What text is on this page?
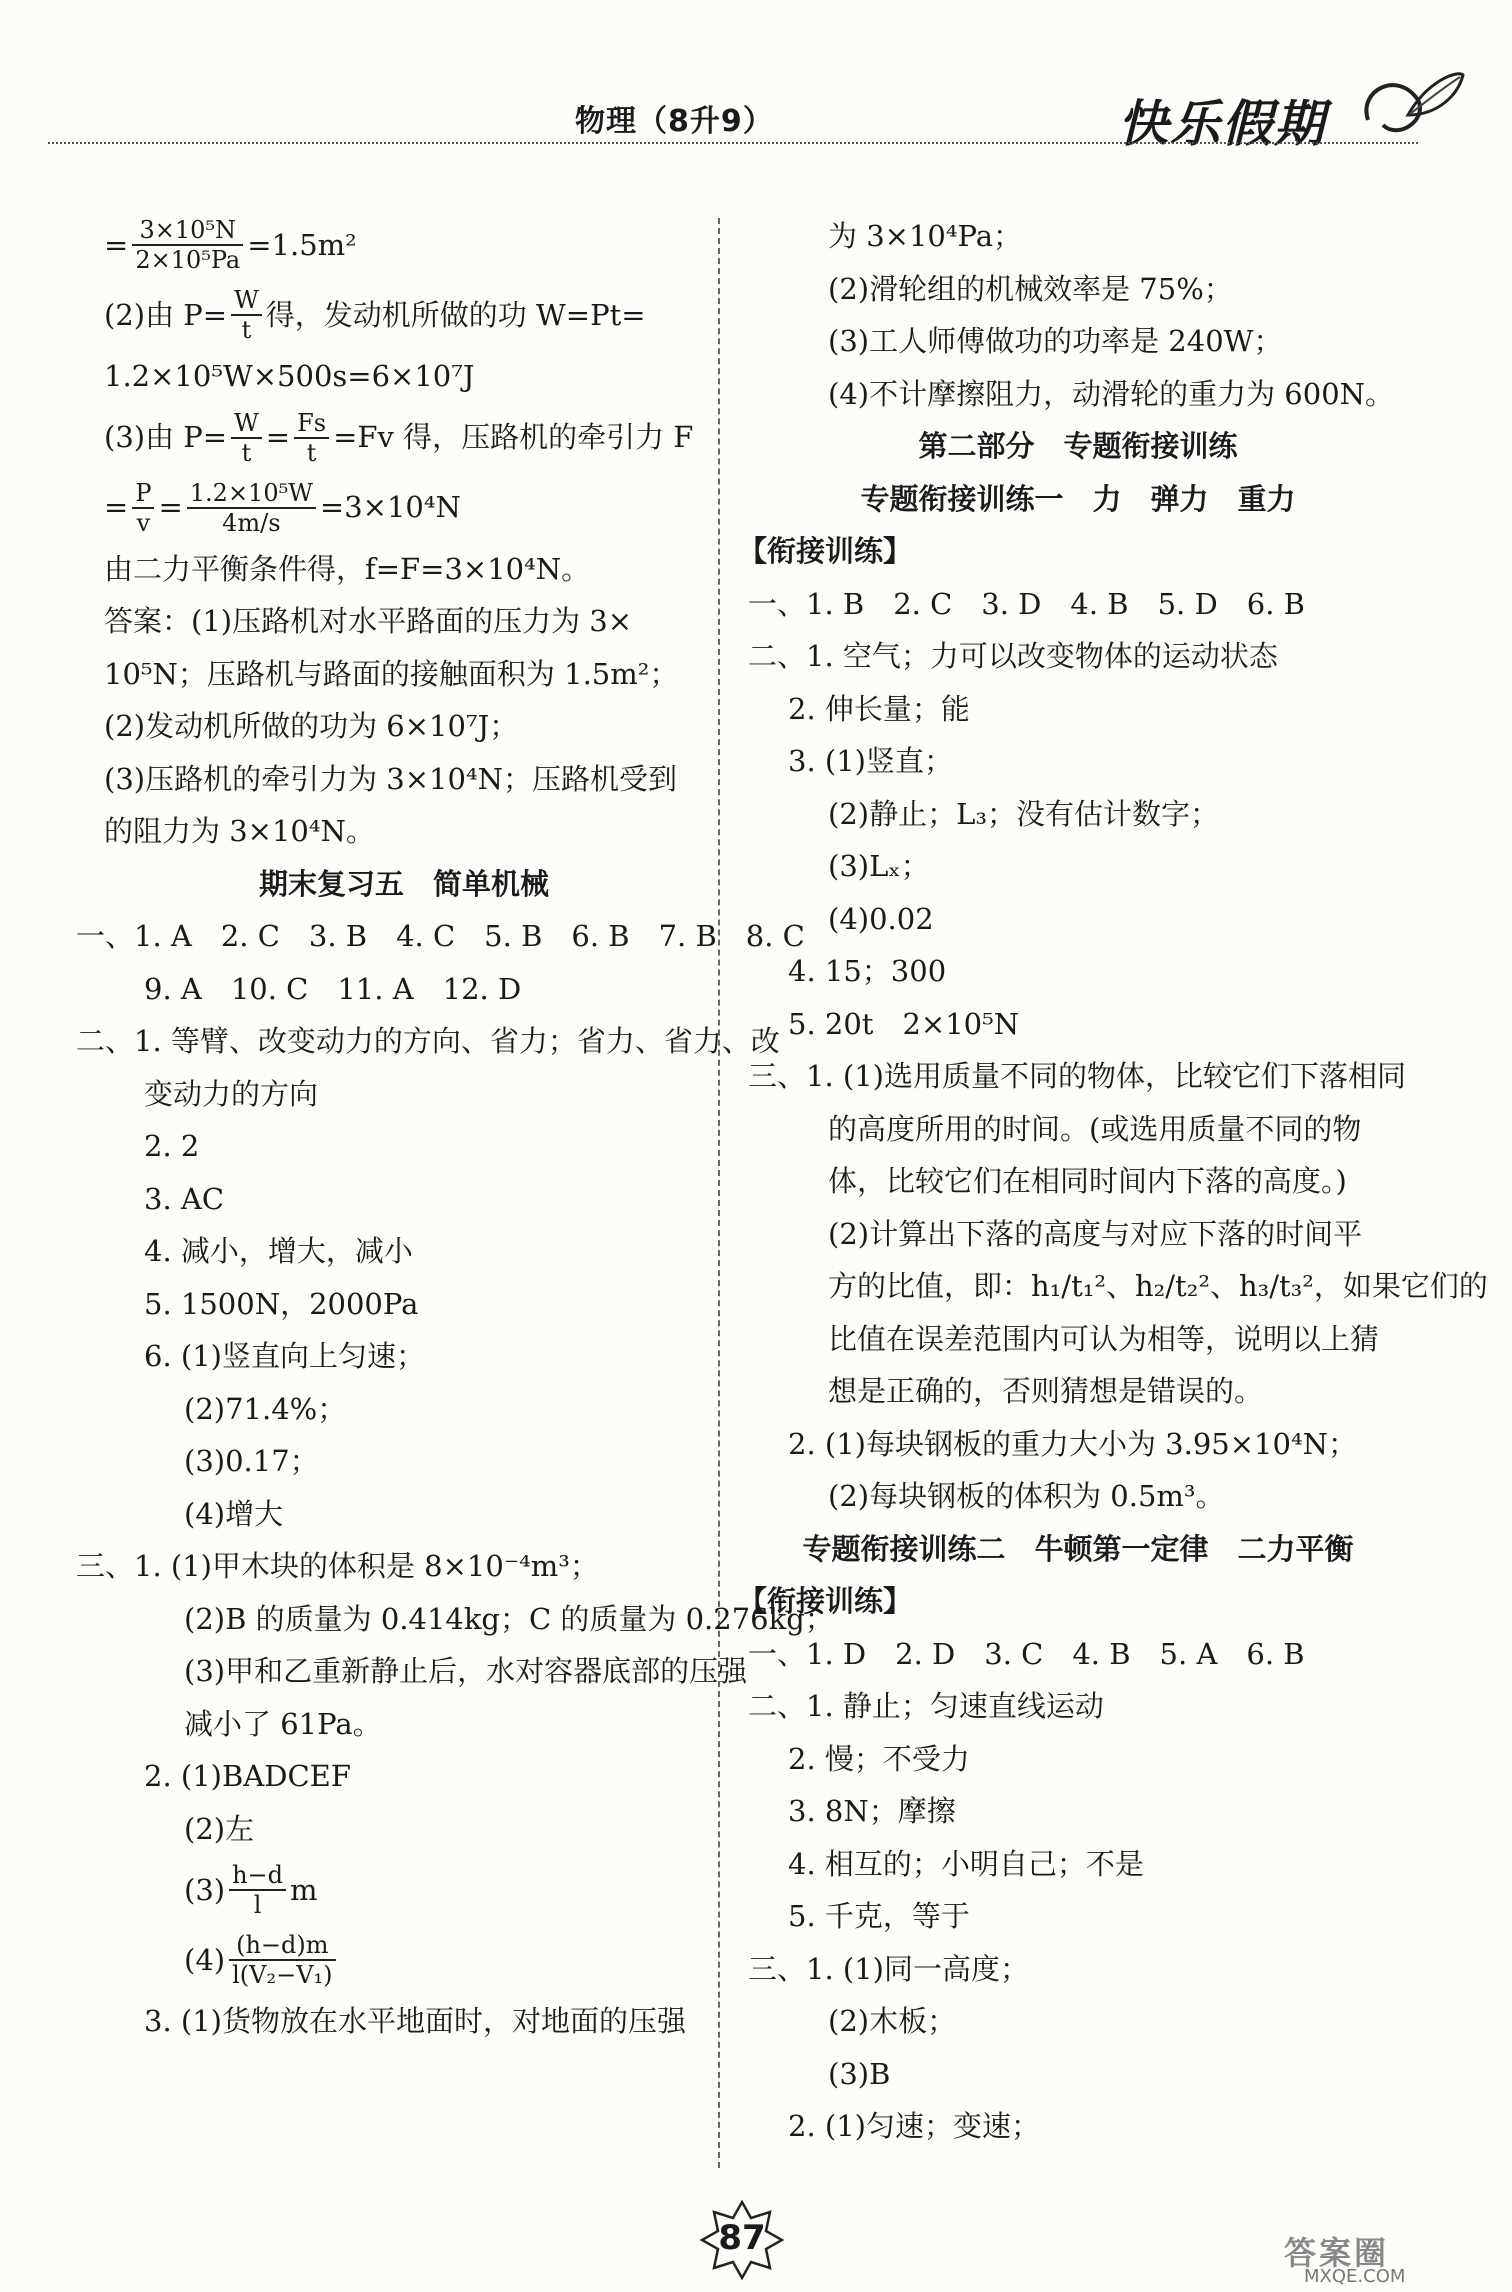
物理（8升9）	快乐假期
= $\frac{\text{3×10⁵N}}{\text{2×10⁵Pa}} =1.5m^2$
(2)由 $P= \frac{W}{t}$ 得，发动机所做的功 W=Pt=
1.2×10⁵W×500s=6×10⁷J
(3)由 $P= \frac{W}{t} = \frac{Fs}{t} =Fv$ 得，压路机的牵引力 F
= $\frac{P}{v} = \frac{\text{1.2×10⁵W}}{4m/s} =3\times 10^4N$
由二力平衡条件得，f=F=3×10⁴N。
答案：(1)压路机对水平路面的压力为 3×
10⁵N；压路机与路面的接触面积为 1.5m²；
(2)发动机所做的功为 6×10⁷J；
(3)压路机的牵引力为 3×10⁴N；压路机受到
的阻力为 3×10⁴N。
期末复习五　简单机械
一、1. A　2. C　3. B　4. C　5. B　6. B　7. B　8. C
9. A　10. C　11. A　12. D
二、1. 等臂、改变动力的方向、省力；省力、省力、改
变动力的方向
2. 2
3. AC
4. 减小，增大，减小
5. 1500N，2000Pa
6. (1)竖直向上匀速；
(2)71.4%；
(3)0.17；
(4)增大
三、1. (1)甲木块的体积是 8×10⁻⁴m³；
(2)B 的质量为 0.414kg；C 的质量为 0.276kg；
(3)甲和乙重新静止后，水对容器底部的压强
减小了 61Pa。
2. (1)BADCEF
(2)左
$(3) \frac{h-d}{l}$ m
$(4) \frac{(h-d)m}{\text{l(V₂−V₁)}}$
3. (1)货物放在水平地面时，对地面的压强
为 3×10⁴Pa；
(2)滑轮组的机械效率是 75%；
(3)工人师傅做功的功率是 240W；
(4)不计摩擦阻力，动滑轮的重力为 600N。
第二部分　专题衔接训练
专题衔接训练一　力　弹力　重力
【衔接训练】
一、1. B　2. C　3. D　4. B　5. D　6. B
二、1. 空气；力可以改变物体的运动状态
2. 伸长量；能
3. (1)竖直；
(2)静止；L₃；没有估计数字；
(3)Lₓ；
(4)0.02
4. 15；300
5. 20t　2×10⁵N
三、1. (1)选用质量不同的物体，比较它们下落相同
的高度所用的时间。(或选用质量不同的物
体，比较它们在相同时间内下落的高度。)
(2)计算出下落的高度与对应下落的时间平
方的比值，即：h₁/t₁²、h₂/t₂²、h₃/t₃²，如果它们的
比值在误差范围内可认为相等，说明以上猜
想是正确的，否则猜想是错误的。
2. (1)每块钢板的重力大小为 3.95×10⁴N；
(2)每块钢板的体积为 0.5m³。
专题衔接训练二　牛顿第一定律　二力平衡
【衔接训练】
一、1. D　2. D　3. C　4. B　5. A　6. B
二、1. 静止；匀速直线运动
2. 慢；不受力
3. 8N；摩擦
4. 相互的；小明自己；不是
5. 千克，等于
三、1. (1)同一高度；
(2)木板；
(3)B
2. (1)匀速；变速；
87	答案圈
MXQE.COM
